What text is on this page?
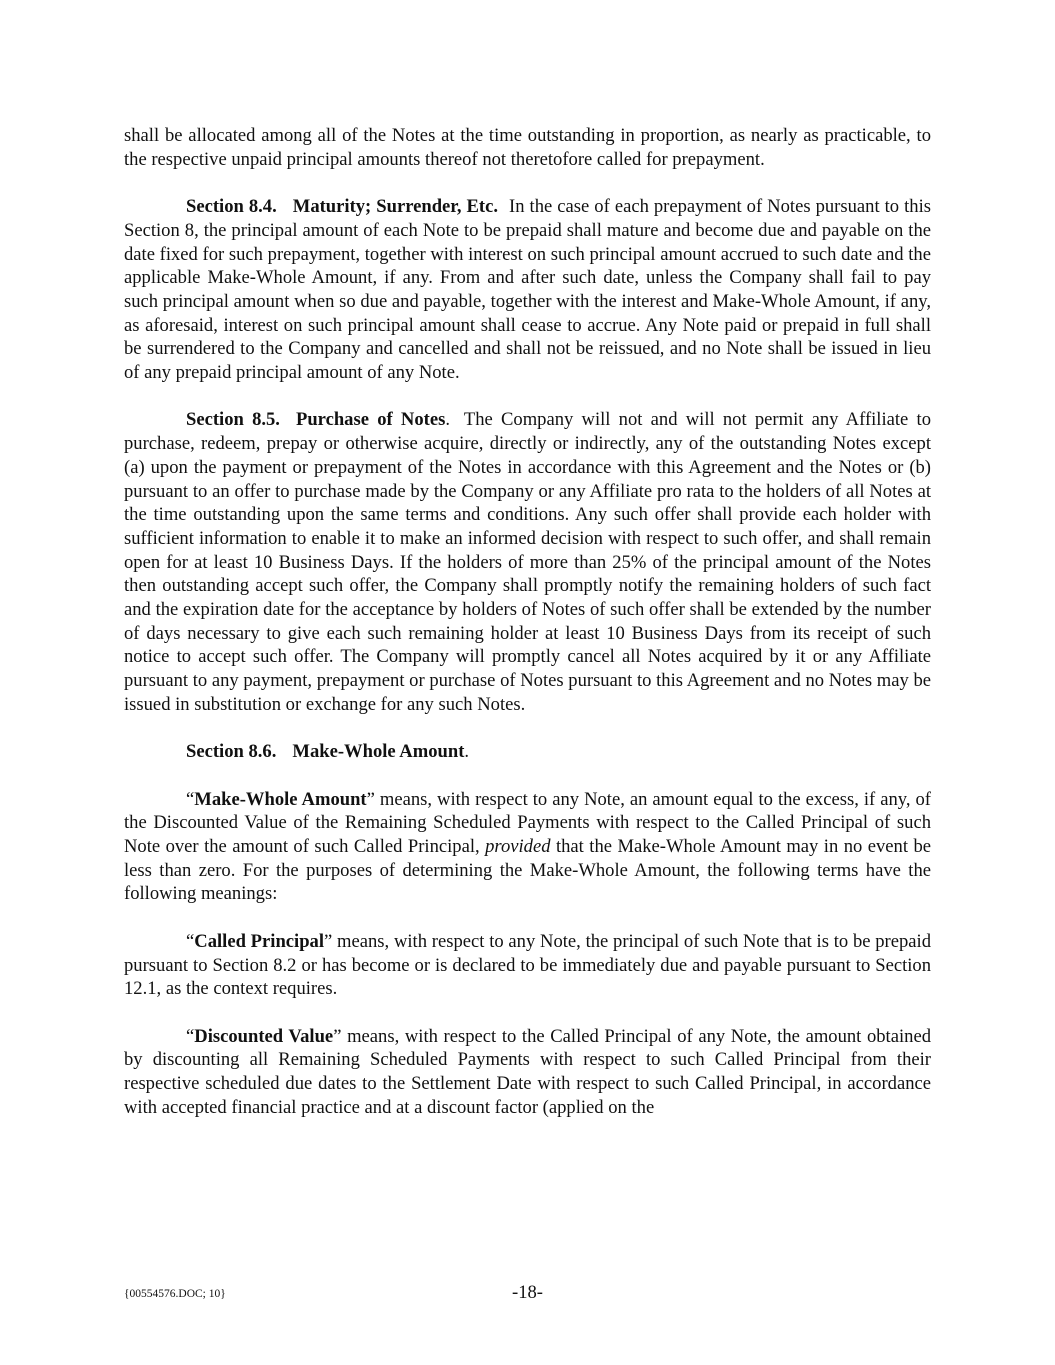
shall be allocated among all of the Notes at the time outstanding in proportion, as nearly as practicable, to the respective unpaid principal amounts thereof not theretofore called for prepayment.

Section 8.4. Maturity; Surrender, Etc. In the case of each prepayment of Notes pursuant to this Section 8, the principal amount of each Note to be prepaid shall mature and become due and payable on the date fixed for such prepayment, together with interest on such principal amount accrued to such date and the applicable Make-Whole Amount, if any. From and after such date, unless the Company shall fail to pay such principal amount when so due and payable, together with the interest and Make-Whole Amount, if any, as aforesaid, interest on such principal amount shall cease to accrue. Any Note paid or prepaid in full shall be surrendered to the Company and cancelled and shall not be reissued, and no Note shall be issued in lieu of any prepaid principal amount of any Note.

Section 8.5. Purchase of Notes. The Company will not and will not permit any Affiliate to purchase, redeem, prepay or otherwise acquire, directly or indirectly, any of the outstanding Notes except (a) upon the payment or prepayment of the Notes in accordance with this Agreement and the Notes or (b) pursuant to an offer to purchase made by the Company or any Affiliate pro rata to the holders of all Notes at the time outstanding upon the same terms and conditions. Any such offer shall provide each holder with sufficient information to enable it to make an informed decision with respect to such offer, and shall remain open for at least 10 Business Days. If the holders of more than 25% of the principal amount of the Notes then outstanding accept such offer, the Company shall promptly notify the remaining holders of such fact and the expiration date for the acceptance by holders of Notes of such offer shall be extended by the number of days necessary to give each such remaining holder at least 10 Business Days from its receipt of such notice to accept such offer. The Company will promptly cancel all Notes acquired by it or any Affiliate pursuant to any payment, prepayment or purchase of Notes pursuant to this Agreement and no Notes may be issued in substitution or exchange for any such Notes.

Section 8.6. Make-Whole Amount.

“Make-Whole Amount” means, with respect to any Note, an amount equal to the excess, if any, of the Discounted Value of the Remaining Scheduled Payments with respect to the Called Principal of such Note over the amount of such Called Principal, provided that the Make-Whole Amount may in no event be less than zero. For the purposes of determining the Make-Whole Amount, the following terms have the following meanings:

“Called Principal” means, with respect to any Note, the principal of such Note that is to be prepaid pursuant to Section 8.2 or has become or is declared to be immediately due and payable pursuant to Section 12.1, as the context requires.

“Discounted Value” means, with respect to the Called Principal of any Note, the amount obtained by discounting all Remaining Scheduled Payments with respect to such Called Principal from their respective scheduled due dates to the Settlement Date with respect to such Called Principal, in accordance with accepted financial practice and at a discount factor (applied on the

{00554576.DOC; 10}	-18-
